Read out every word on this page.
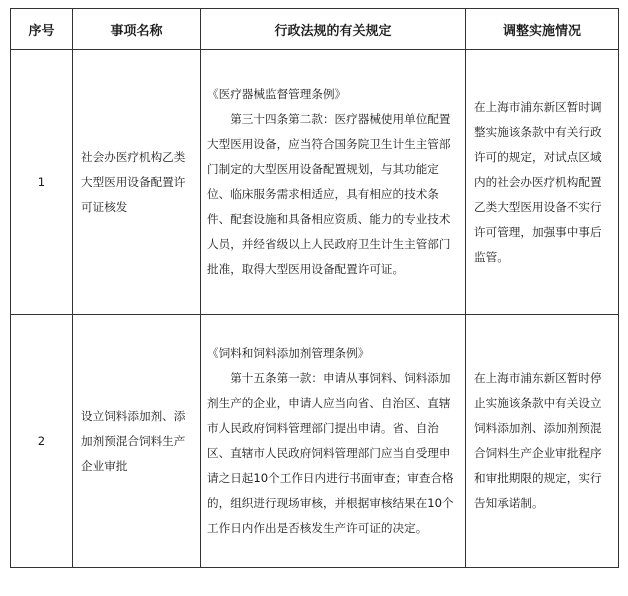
序号	事项名称	行政法规的有关规定	调整实施情况
1	社会办医疗机构乙类大型医用设备配置许可证核发	《医疗器械监督管理条例》

第三十四条第二款：医疗器械使用单位配置大型医用设备，应当符合国务院卫生计生主管部门制定的大型医用设备配置规划，与其功能定位、临床服务需求相适应，具有相应的技术条件、配套设施和具备相应资质、能力的专业技术人员，并经省级以上人民政府卫生计生主管部门批准，取得大型医用设备配置许可证。	在上海市浦东新区暂时调整实施该条款中有关行政许可的规定，对试点区域内的社会办医疗机构配置乙类大型医用设备不实行许可管理，加强事中事后监管。
2	设立饲料添加剂、添加剂预混合饲料生产企业审批	《饲料和饲料添加剂管理条例》

第十五条第一款：申请从事饲料、饲料添加剂生产的企业，申请人应当向省、自治区、直辖市人民政府饲料管理部门提出申请。省、自治区、直辖市人民政府饲料管理部门应当自受理申请之日起10个工作日内进行书面审查；审查合格的，组织进行现场审核，并根据审核结果在10个工作日内作出是否核发生产许可证的决定。	在上海市浦东新区暂时停止实施该条款中有关设立饲料添加剂、添加剂预混合饲料生产企业审批程序和审批期限的规定，实行告知承诺制。
